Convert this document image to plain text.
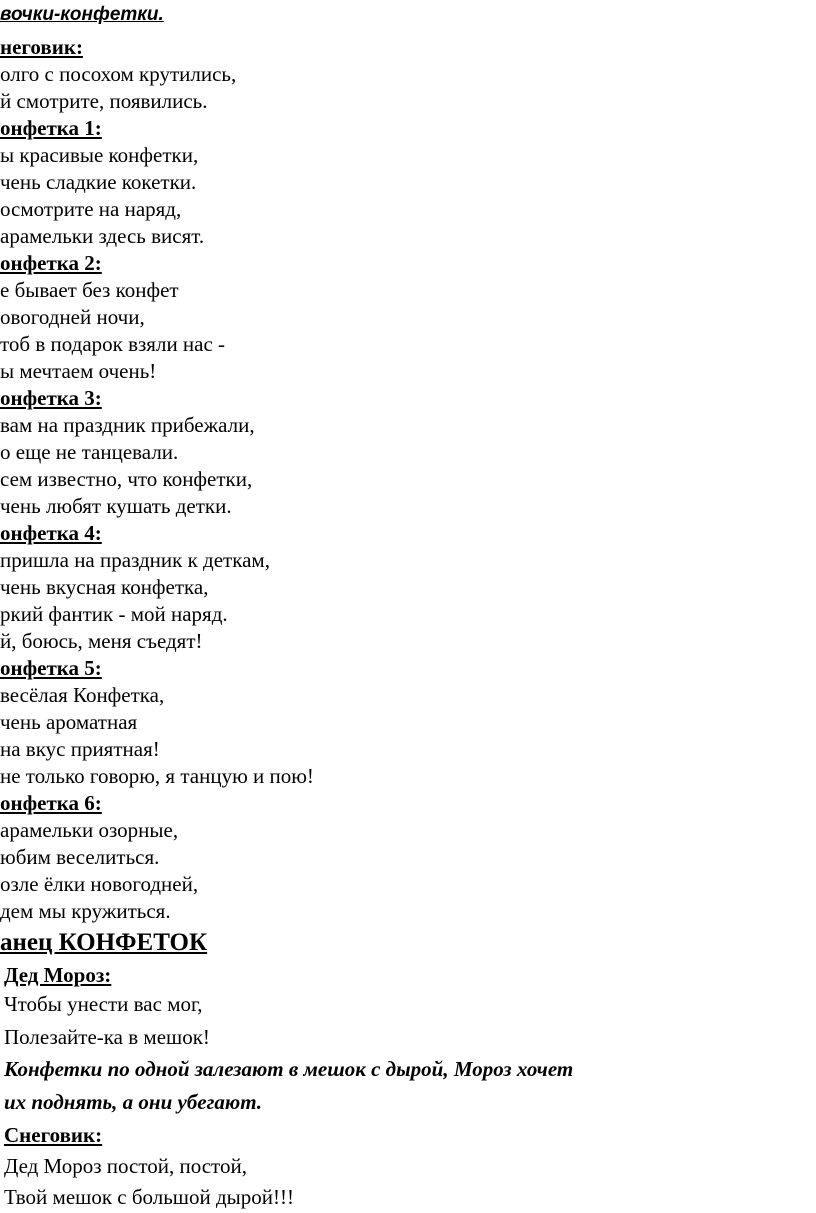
вочки-конфетки.
неговик:
олго с посохом крутились,
й смотрите, появились.
онфетка 1:
ы красивые конфетки,
чень сладкие кокетки.
осмотрите на наряд,
арамельки здесь висят.
онфетка 2:
е бывает без конфет
овогодней ночи,
тоб в подарок взяли нас -
ы мечтаем очень!
онфетка 3:
вам на праздник прибежали,
о еще не танцевали.
сем известно, что конфетки,
чень любят кушать детки.
онфетка 4:
пришла на праздник к деткам,
чень вкусная конфетка,
ркий фантик - мой наряд.
й, боюсь, меня съедят!
онфетка 5:
весёлая Конфетка,
чень ароматная
на вкус приятная!
не только говорю, я танцую и пою!
онфетка 6:
арамельки озорные,
юбим веселиться.
озле ёлки новогодней,
дем мы кружиться.
анец КОНФЕТОК
Дед Мороз:
Чтобы унести вас мог,
Полезайте-ка в мешок!
Конфетки по одной залезают в мешок с дырой, Мороз хочет
их поднять, а они убегают.
Снеговик:
Дед Мороз постой, постой,
Твой мешок с большой дырой!!!
